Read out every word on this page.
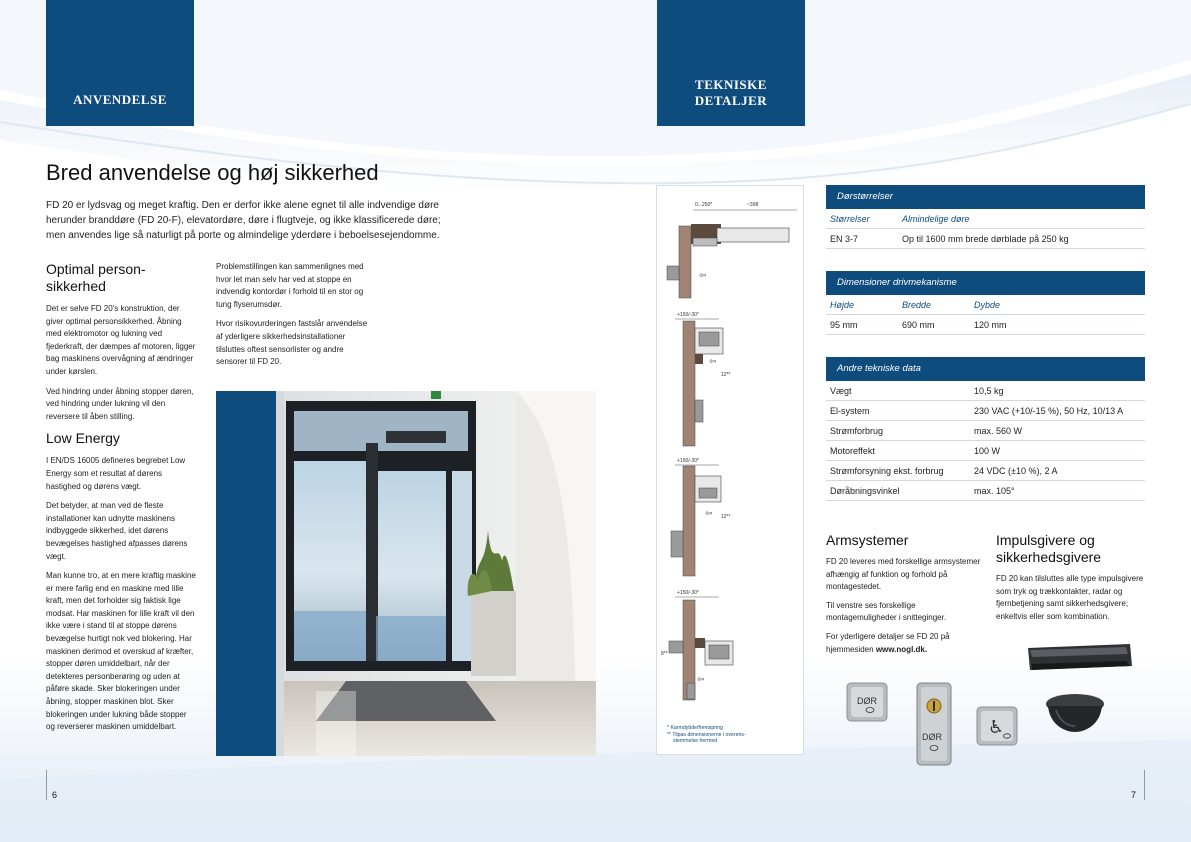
ANVENDELSE
Bred anvendelse og høj sikkerhed

FD 20 er lydsvag og meget kraftig. Den er derfor ikke alene egnet til alle indvendige døre herunder branddøre (FD 20-F), elevatordøre, døre i flugtveje, og ikke klassificerede døre; men anvendes lige så naturligt på porte og almindelige yderdøre i beboelsesejendomme.

Optimal person-sikkerhed

Det er selve FD 20's konstruktion, der giver optimal personsikkerhed. Åbning med elektromotor og lukning ved fjederkraft, der dæmpes af motoren, ligger bag maskinens overvågning af ændringer under kørslen.

Ved hindring under åbning stopper døren, ved hindring under lukning vil den reversere til åben stilling.

Low Energy

I EN/DS 16005 defineres begrebet Low Energy som et resultat af dørens hastighed og dørens vægt.

Det betyder, at man ved de fleste installationer kan udnytte maskinens indbyggede sikkerhed, idet dørens bevægelses hastighed afpasses dørens vægt.

Man kunne tro, at en mere kraftig maskine er mere farlig end en maskine med lille kraft, men det forholder sig faktisk lige modsat. Har maskinen for lille kraft vil den ikke være i stand til at stoppe dørens bevægelse hurtigt nok ved blokering. Har maskinen derimod et overskud af kræfter, stopper døren umiddelbart, når der detekteres personberøring og uden at påføre skade. Sker blokeringen under åbning, stopper maskinen blot. Sker blokeringen under lukning både stopper og reverserer maskinen umiddelbart.

Problemstillingen kan sammenlignes med hvor let man selv har ved at stoppe en indvendig kontordør i forhold til en stor og tung flyserumsdør.

Hvor risikovurderingen fastslår anvendelse af yderligere sikkerhedsinstallationer tilsluttes oftest sensorlister og andre sensorer til FD 20.

6
TEKNISKE
DETALJER
0...250*	~398
⇦
+150/-30*
⇦
12**
+150/-30*
⇦ 12**
+150/-30*
8**
⇦
* Karmdybde/fremspring
** Tilpas dimensionerne i overens-
stemmelse hermed
Dørstørrelser
Størrelser	Almindelige døre
EN 3-7	Op til 1600 mm brede dørblade på 250 kg
Dimensioner drivmekanisme
Højde	Bredde	Dybde
95 mm	690 mm	120 mm
Andre tekniske data
Vægt	10,5 kg
El-system	230 VAC (+10/-15 %), 50 Hz, 10/13 A
Strømforbrug	max. 560 W
Motoreffekt	100 W
Strømforsyning ekst. forbrug	24 VDC (±10 %), 2 A
Døråbningsvinkel	max. 105°
Armsystemer

FD 20 leveres med forskellige armsystemer afhængig af funktion og forhold på montagestedet.

Til venstre ses forskellige montagemuligheder i snitteginger.

For yderligere detaljer se FD 20 på hjemmesiden www.nogl.dk.

Impulsgivere og sikkerhedsgivere

FD 20 kan tilsluttes alle type impulsgivere som tryk og trækkontakter, radar og fjernbetjening samt sikkerhedsgivere; enkeltvis eller som kombination.

DØR
DØR	♿
7
